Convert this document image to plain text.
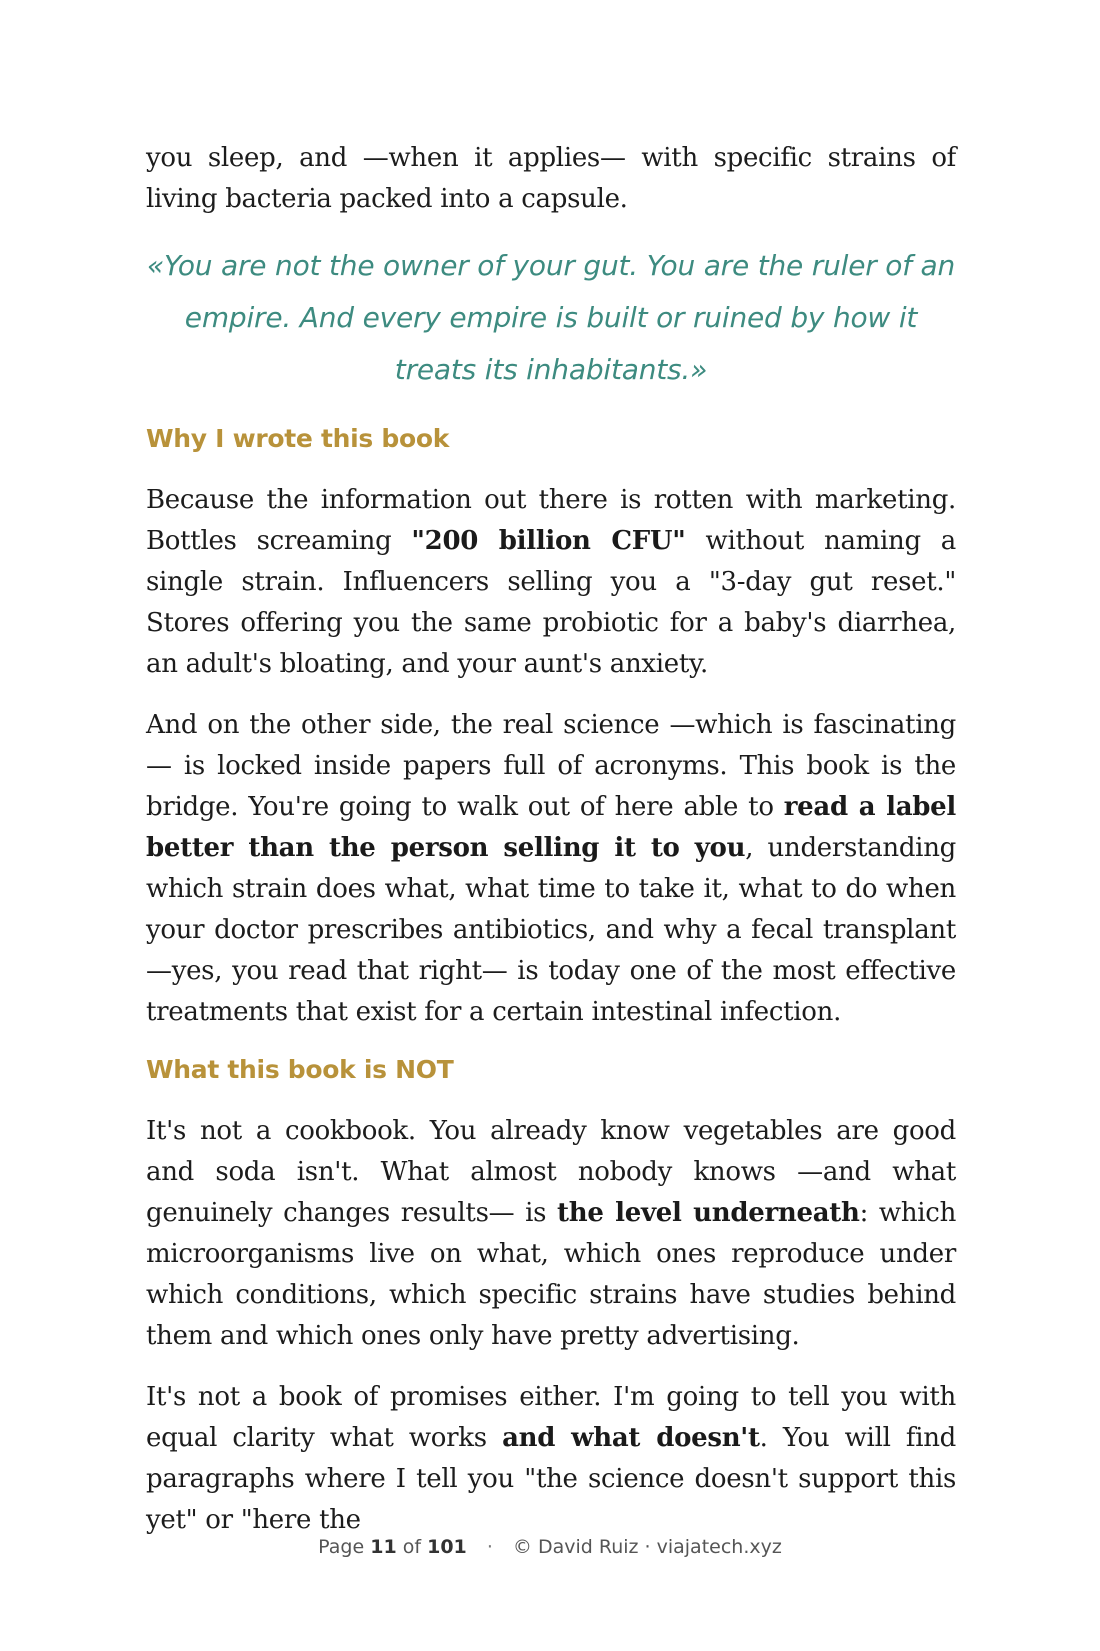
you sleep, and —when it applies— with specific strains of living bacteria packed into a capsule.

«You are not the owner of your gut. You are the ruler of an empire. And every empire is built or ruined by how it treats its inhabitants.»
Why I wrote this book

Because the information out there is rotten with marketing. Bottles screaming "200 billion CFU" without naming a single strain. Influencers selling you a "3-day gut reset." Stores offering you the same probiotic for a baby's diarrhea, an adult's bloating, and your aunt's anxiety.

And on the other side, the real science —which is fascinating— is locked inside papers full of acronyms. This book is the bridge. You're going to walk out of here able to read a label better than the person selling it to you, understanding which strain does what, what time to take it, what to do when your doctor prescribes antibiotics, and why a fecal transplant —yes, you read that right— is today one of the most effective treatments that exist for a certain intestinal infection.

What this book is NOT

It's not a cookbook. You already know vegetables are good and soda isn't. What almost nobody knows —and what genuinely changes results— is the level underneath: which microorganisms live on what, which ones reproduce under which conditions, which specific strains have studies behind them and which ones only have pretty advertising.

It's not a book of promises either. I'm going to tell you with equal clarity what works and what doesn't. You will find paragraphs where I tell you "the science doesn't support this yet" or "here the

Page 11 of 101 · © David Ruiz · viajatech.xyz
